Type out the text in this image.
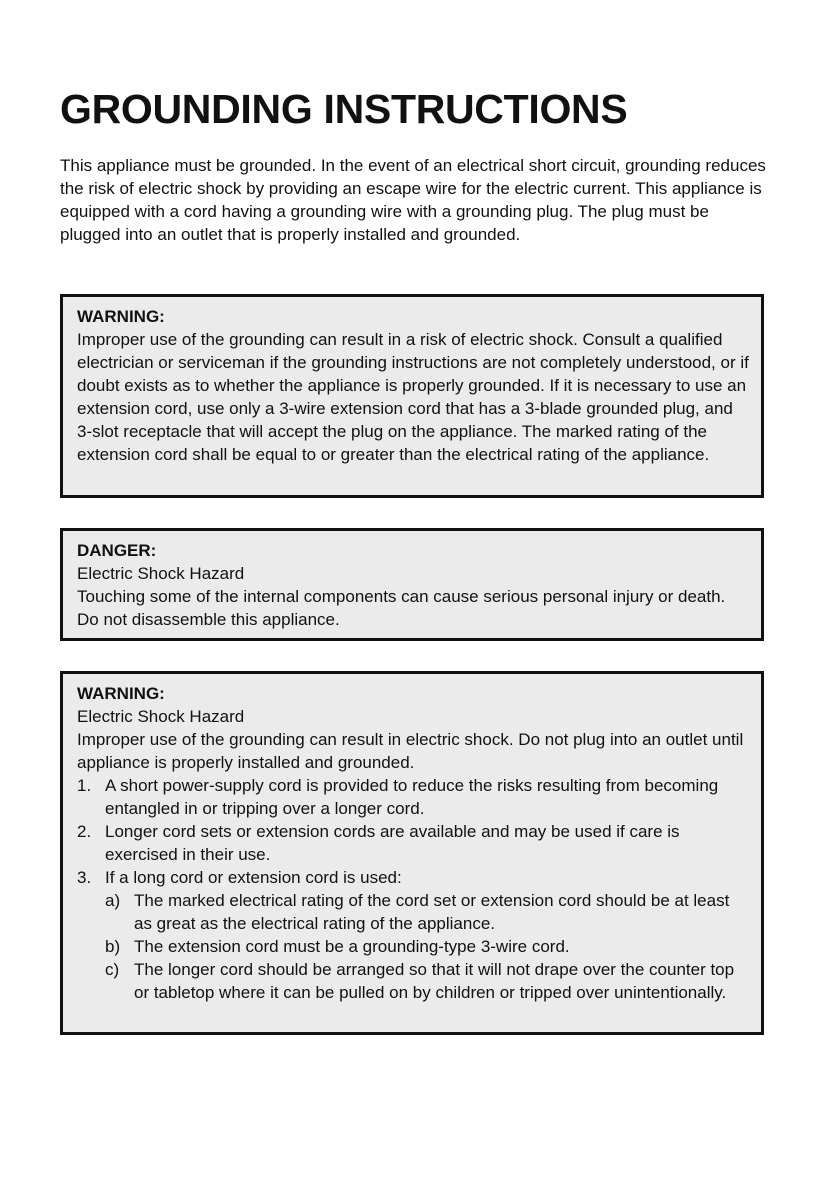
GROUNDING INSTRUCTIONS

This appliance must be grounded. In the event of an electrical short circuit, grounding reduces the risk of electric shock by providing an escape wire for the electric current. This appliance is equipped with a cord having a grounding wire with a grounding plug. The plug must be plugged into an outlet that is properly installed and grounded.

WARNING:

Improper use of the grounding can result in a risk of electric shock. Consult a qualified electrician or serviceman if the grounding instructions are not completely understood, or if doubt exists as to whether the appliance is properly grounded. If it is necessary to use an extension cord, use only a 3-wire extension cord that has a 3-blade grounded plug, and 3-slot receptacle that will accept the plug on the appliance. The marked rating of the extension cord shall be equal to or greater than the electrical rating of the appliance.

DANGER:

Electric Shock Hazard

Touching some of the internal components can cause serious personal injury or death. Do not disassemble this appliance.

WARNING:

Electric Shock Hazard

Improper use of the grounding can result in electric shock. Do not plug into an outlet until appliance is properly installed and grounded.

1. A short power-supply cord is provided to reduce the risks resulting from becoming entangled in or tripping over a longer cord.
2. Longer cord sets or extension cords are available and may be used if care is exercised in their use.
3. If a long cord or extension cord is used:
a) The marked electrical rating of the cord set or extension cord should be at least as great as the electrical rating of the appliance.
b) The extension cord must be a grounding-type 3-wire cord.
c) The longer cord should be arranged so that it will not drape over the counter top or tabletop where it can be pulled on by children or tripped over unintentionally.
